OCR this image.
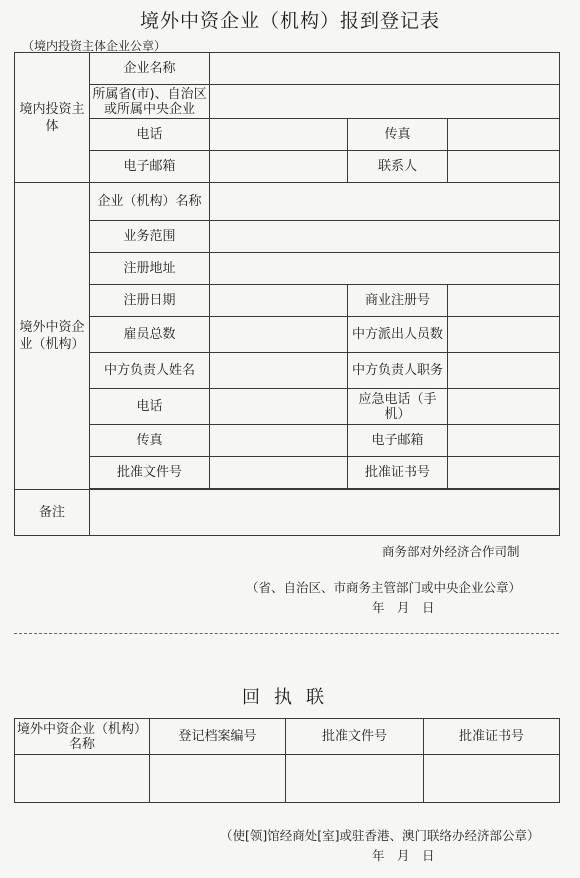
境外中资企业（机构）报到登记表
（境内投资主体企业公章）
境内投资主体	企业名称			
	所属省(市)、自治区或所属中央企业			
	电话		传真	
	电子邮箱		联系人	
境外中资企业（机构）	企业（机构）名称			
	业务范围			
	注册地址			
	注册日期		商业注册号	
	雇员总数		中方派出人员数	
	中方负责人姓名		中方负责人职务	
	电话		应急电话（手机）	
	传真		电子邮箱	
	批准文件号		批准证书号	

备注				
商务部对外经济合作司制
（省、自治区、市商务主管部门或中央企业公章）
年　月　日
回执联
境外中资企业（机构）名称	登记档案编号	批准文件号	批准证书号

（使[领]馆经商处[室]或驻香港、澳门联络办经济部公章）
年　月　日
